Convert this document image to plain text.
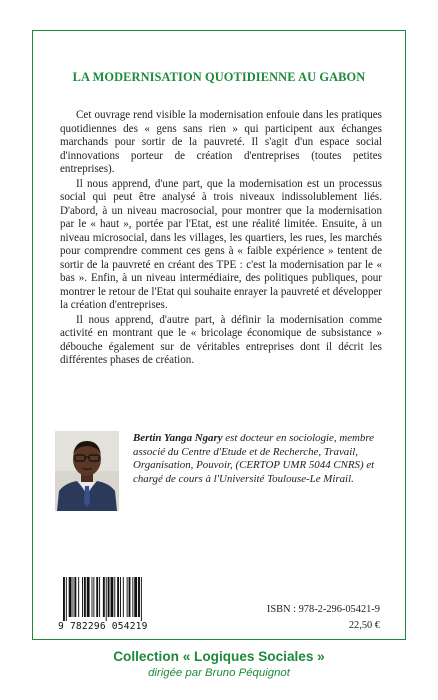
LA MODERNISATION QUOTIDIENNE AU GABON

Cet ouvrage rend visible la modernisation enfouie dans les pratiques quotidiennes des « gens sans rien » qui participent aux échanges marchands pour sortir de la pauvreté. Il s'agit d'un espace social d'innovations porteur de création d'entreprises (toutes petites entreprises).

Il nous apprend, d'une part, que la modernisation est un processus social qui peut être analysé à trois niveaux indissolublement liés. D'abord, à un niveau macrosocial, pour montrer que la modernisation par le « haut », portée par l'Etat, est une réalité limitée. Ensuite, à un niveau microsocial, dans les villages, les quartiers, les rues, les marchés pour comprendre comment ces gens à « faible expérience » tentent de sortir de la pauvreté en créant des TPE : c'est la modernisation par le « bas ». Enfin, à un niveau intermédiaire, des politiques publiques, pour montrer le retour de l'Etat qui souhaite enrayer la pauvreté et développer la création d'entreprises.

Il nous apprend, d'autre part, à définir la modernisation comme activité en montrant que le « bricolage économique de subsistance » débouche également sur de véritables entreprises dont il décrit les différentes phases de création.

Bertin Yanga Ngary est docteur en sociologie, membre associé du Centre d'Etude et de Recherche, Travail, Organisation, Pouvoir, (CERTOP UMR 5044 CNRS) et chargé de cours à l'Université Toulouse-Le Mirail.
9 782296 054219
ISBN : 978-2-296-05421-9
22,50 €
Collection « Logiques Sociales »
dirigée par Bruno Péquignot
